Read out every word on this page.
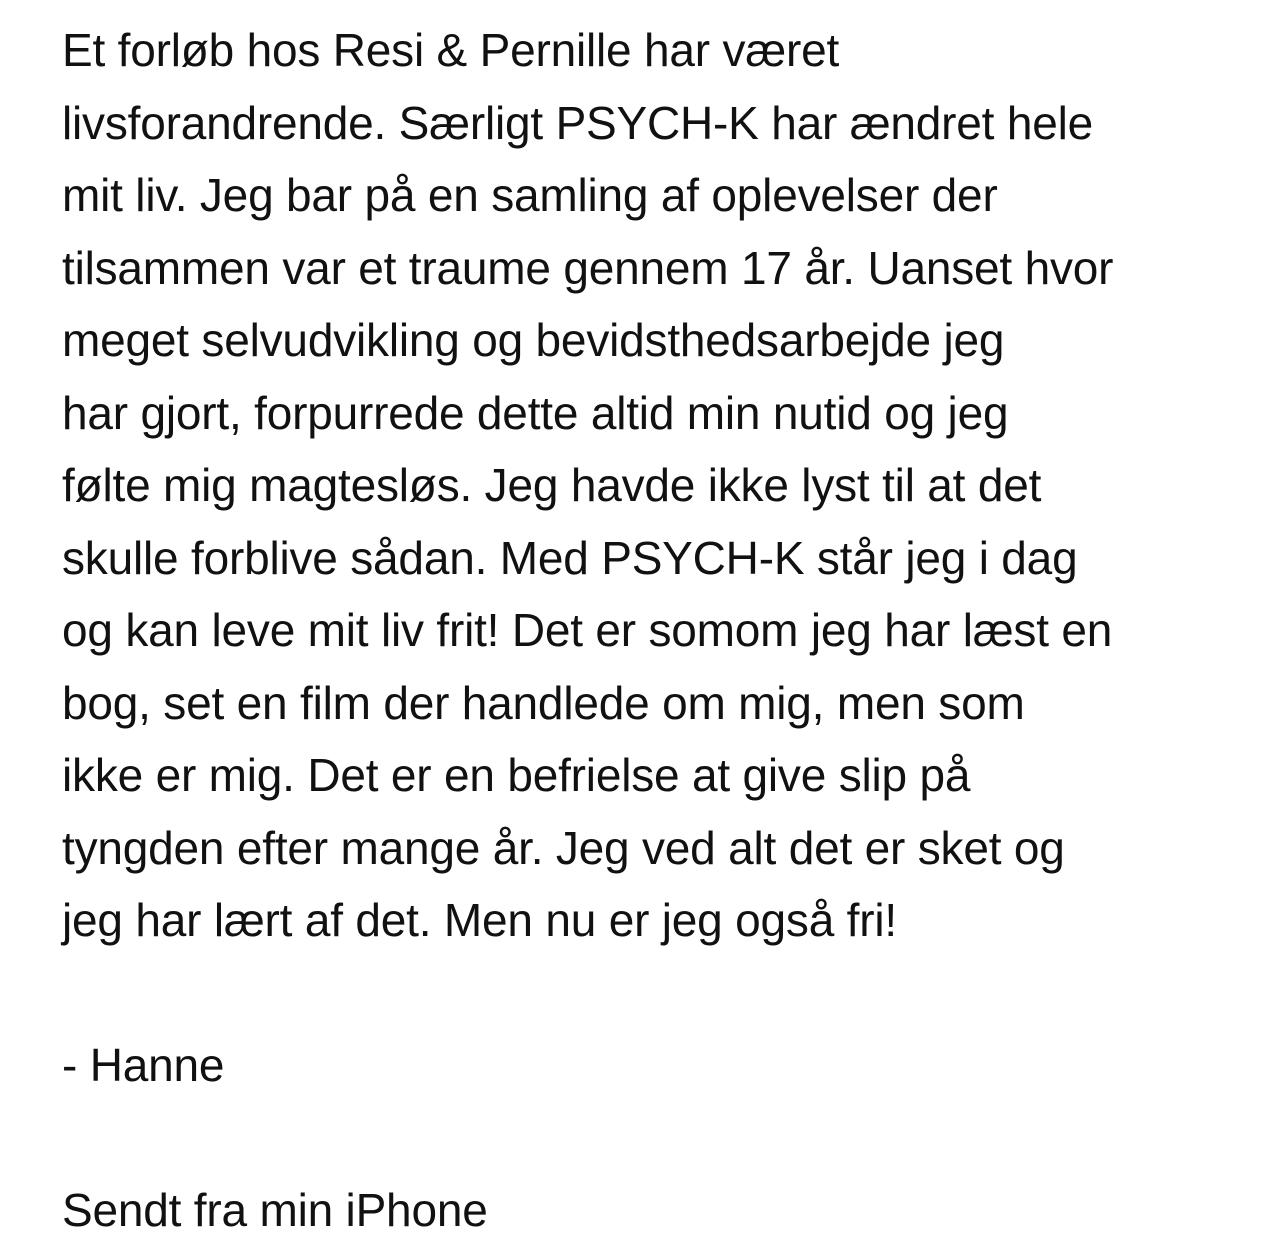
Et forløb hos Resi & Pernille har været
livsforandrende. Særligt PSYCH-K har ændret hele
mit liv. Jeg bar på en samling af oplevelser der
tilsammen var et traume gennem 17 år. Uanset hvor
meget selvudvikling og bevidsthedsarbejde jeg
har gjort, forpurrede dette altid min nutid og jeg
følte mig magtesløs. Jeg havde ikke lyst til at det
skulle forblive sådan. Med PSYCH-K står jeg i dag
og kan leve mit liv frit! Det er somom jeg har læst en
bog, set en film der handlede om mig, men som
ikke er mig. Det er en befrielse at give slip på
tyngden efter mange år. Jeg ved alt det er sket og
jeg har lært af det. Men nu er jeg også fri!
- Hanne
Sendt fra min iPhone
